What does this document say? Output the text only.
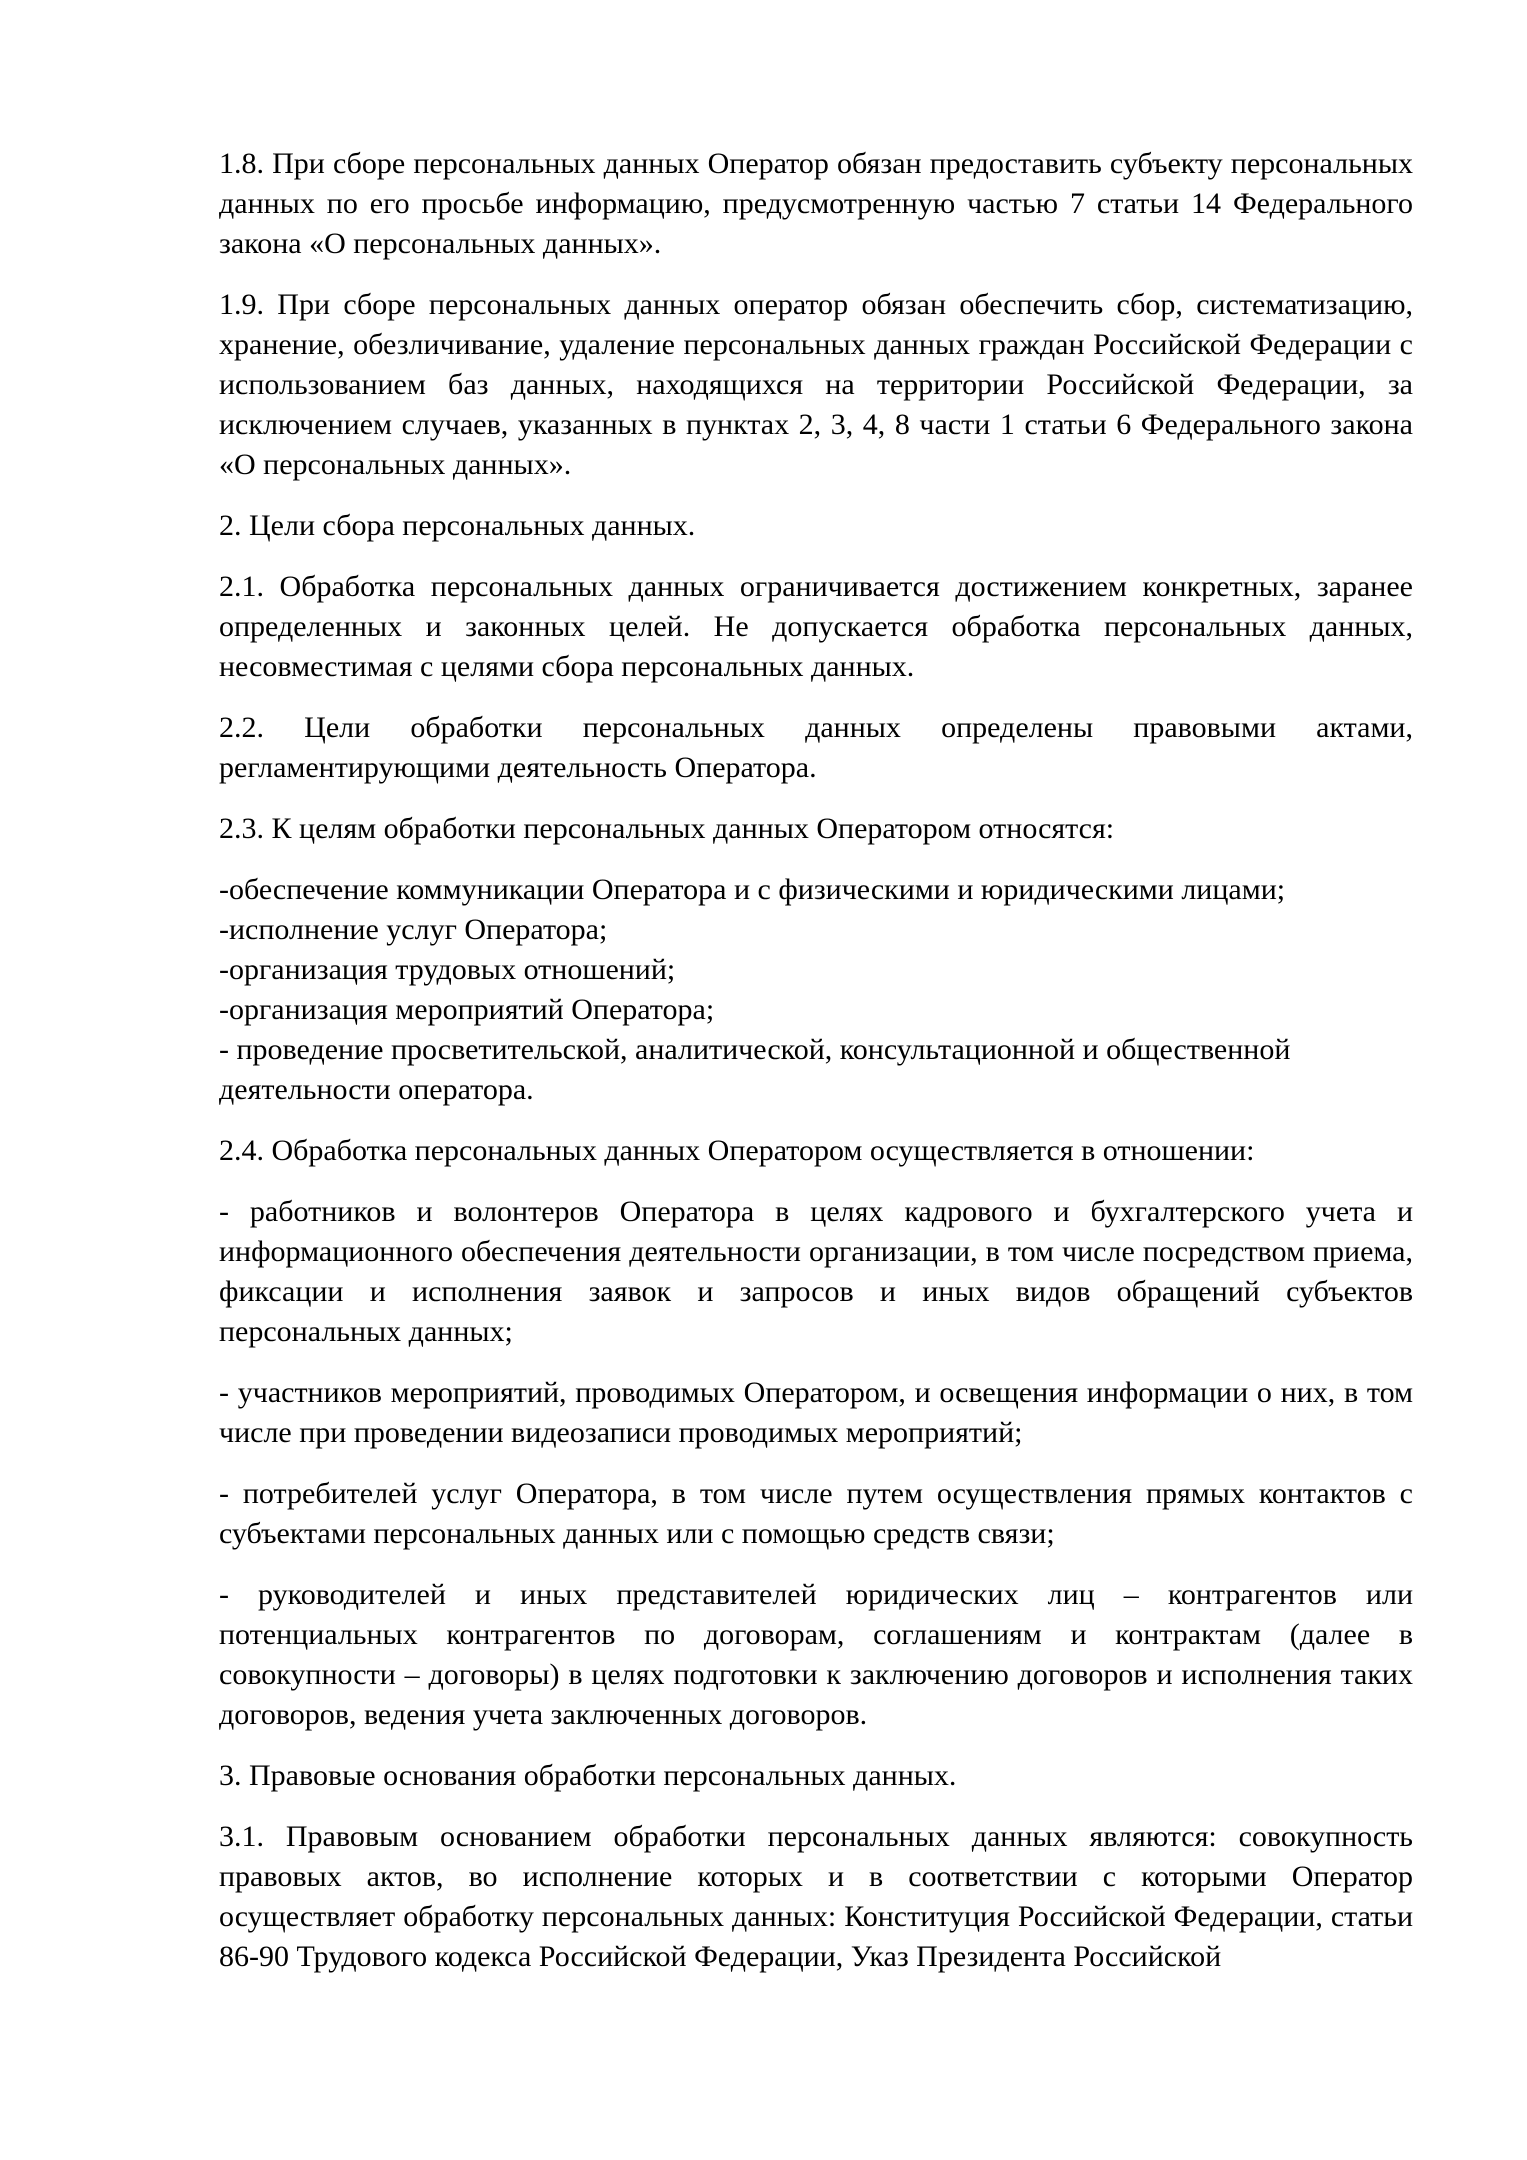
1.8. При сборе персональных данных Оператор обязан предоставить субъекту персональных данных по его просьбе информацию, предусмотренную частью 7 статьи 14 Федерального закона «О персональных данных».

1.9. При сборе персональных данных оператор обязан обеспечить сбор, систематизацию, хранение, обезличивание, удаление персональных данных граждан Российской Федерации с использованием баз данных, находящихся на территории Российской Федерации, за исключением случаев, указанных в пунктах 2, 3, 4, 8 части 1 статьи 6 Федерального закона «О персональных данных».

2. Цели сбора персональных данных.

2.1. Обработка персональных данных ограничивается достижением конкретных, заранее определенных и законных целей. Не допускается обработка персональных данных, несовместимая с целями сбора персональных данных.

2.2. Цели обработки персональных данных определены правовыми актами, регламентирующими деятельность Оператора.

2.3. К целям обработки персональных данных Оператором относятся:

-обеспечение коммуникации Оператора и с физическими и юридическими лицами;

-исполнение услуг Оператора;

-организация трудовых отношений;

-организация мероприятий Оператора;

- проведение просветительской, аналитической, консультационной и общественной деятельности оператора.

2.4. Обработка персональных данных Оператором осуществляется в отношении:

- работников и волонтеров Оператора в целях кадрового и бухгалтерского учета и информационного обеспечения деятельности организации, в том числе посредством приема, фиксации и исполнения заявок и запросов и иных видов обращений субъектов персональных данных;

- участников мероприятий, проводимых Оператором, и освещения информации о них, в том числе при проведении видеозаписи проводимых мероприятий;

- потребителей услуг Оператора, в том числе путем осуществления прямых контактов с субъектами персональных данных или с помощью средств связи;

- руководителей и иных представителей юридических лиц – контрагентов или потенциальных контрагентов по договорам, соглашениям и контрактам (далее в совокупности – договоры) в целях подготовки к заключению договоров и исполнения таких договоров, ведения учета заключенных договоров.

3. Правовые основания обработки персональных данных.

3.1. Правовым основанием обработки персональных данных являются: совокупность правовых актов, во исполнение которых и в соответствии с которыми Оператор осуществляет обработку персональных данных: Конституция Российской Федерации, статьи 86-90 Трудового кодекса Российской Федерации, Указ Президента Российской
